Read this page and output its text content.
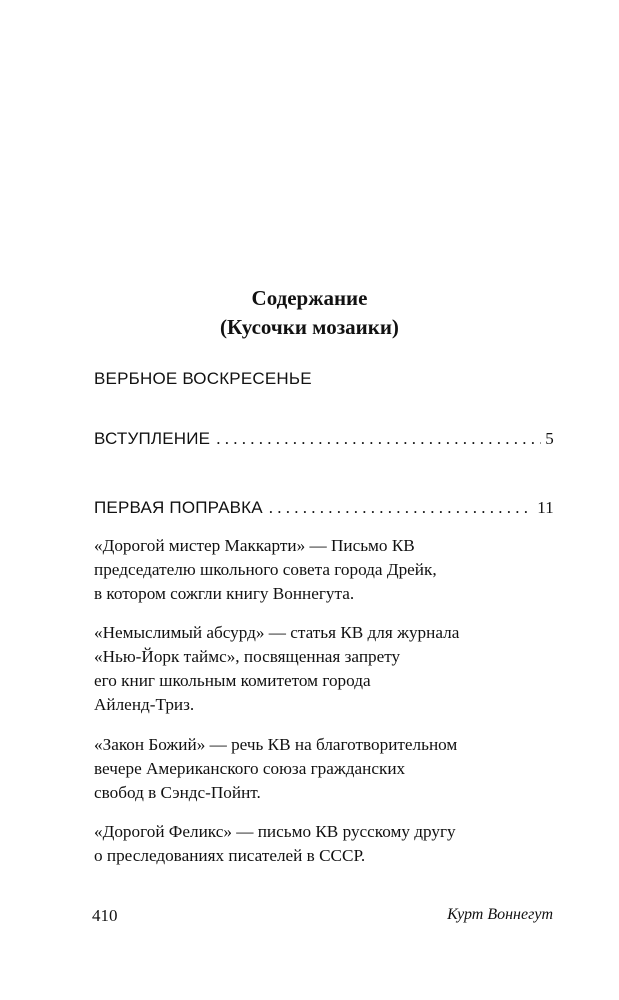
Содержание
(Кусочки мозаики)
ВЕРБНОЕ ВОСКРЕСЕНЬЕ
ВСТУПЛЕНИЕ . . .	5
ПЕРВАЯ ПОПРАВКА . . .	11

«Дорогой мистер Маккарти» — Письмо КВ

председателю школьного совета города Дрейк,

в котором сожгли книгу Воннегута.

«Немыслимый абсурд» — статья КВ для журнала

«Нью-Йорк таймс», посвященная запрету

его книг школьным комитетом города

Айленд-Триз.

«Закон Божий» — речь КВ на благотворительном

вечере Американского союза гражданских

свобод в Сэндс-Пойнт.

«Дорогой Феликс» — письмо КВ русскому другу

о преследованиях писателей в СССР.

410	Курт Воннегут
